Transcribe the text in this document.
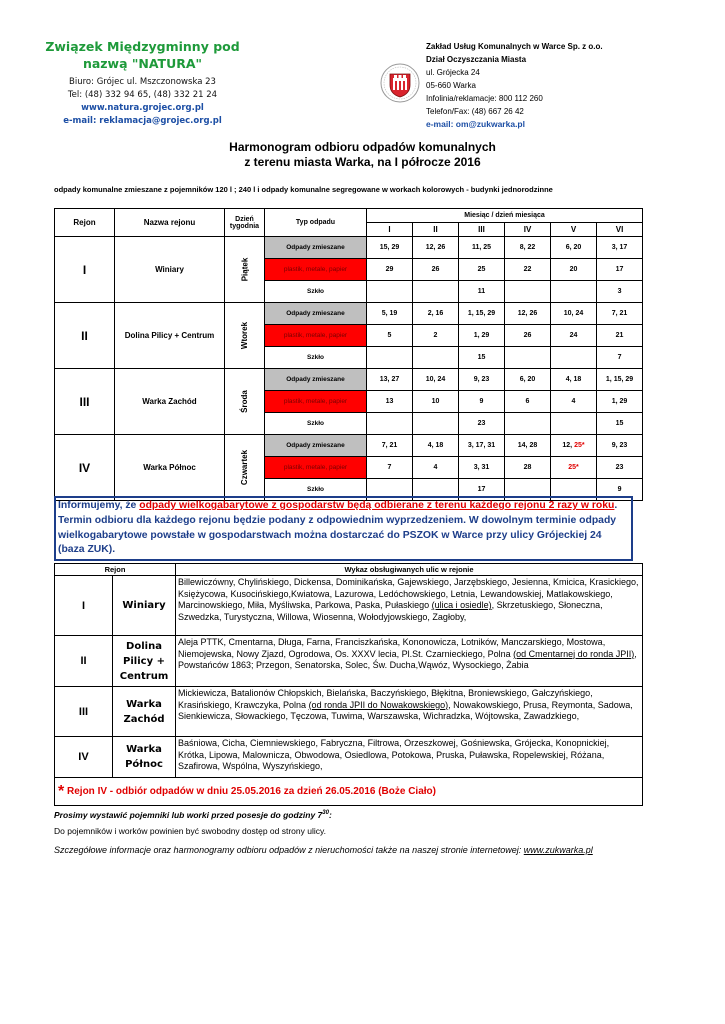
Związek Międzygminny pod
nazwą "NATURA"
Biuro: Grójec ul. Mszczonowska 23
Tel: (48) 332 94 65, (48) 332 21 24
www.natura.grojec.org.pl
e-mail: reklamacja@grojec.org.pl
Zakład Usług Komunalnych w Warce Sp. z o.o.
Dział Oczyszczania Miasta
ul. Grójecka 24
05-660 Warka
Infolinia/reklamacje: 800 112 260
Telefon/Fax: (48) 667 26 42
e-mail: om@zukwarka.pl
Harmonogram odbioru odpadów komunalnych
z terenu miasta Warka, na I półrocze 2016
odpady komunalne zmieszane z pojemników 120 l ; 240 l i odpady komunalne segregowane w workach kolorowych - budynki jednorodzinne
Rejon	Nazwa rejonu	Dzień
tygodnia	Typ odpadu	Miesiąc / dzień miesiąca					
				I	II	III	IV	V	VI
I	Winiary	Piątek	Odpady zmieszane	15, 29	12, 26	11, 25	8, 22	6, 20	3, 17
			plastik, metale, papier	29	26	25	22	20	17
			Szkło			11			3
II	Dolina Pilicy + Centrum	Wtorek	Odpady zmieszane	5, 19	2, 16	1, 15, 29	12, 26	10, 24	7, 21
			plastik, metale, papier	5	2	1, 29	26	24	21
			Szkło			15			7
III	Warka Zachód	Środa	Odpady zmieszane	13, 27	10, 24	9, 23	6, 20	4, 18	1, 15, 29
			plastik, metale, papier	13	10	9	6	4	1, 29
			Szkło			23			15
IV	Warka Północ	Czwartek	Odpady zmieszane	7, 21	4, 18	3, 17, 31	14, 28	12, 25*	9, 23
			plastik, metale, papier	7	4	3, 31	28	25*	23
			Szkło			17			9
Informujemy, że odpady wielkogabarytowe z gospodarstw będą odbierane z terenu każdego rejonu 2 razy w roku. Termin odbioru dla każdego rejonu będzie podany z odpowiednim wyprzedzeniem. W dowolnym terminie odpady wielkogabarytowe powstałe w gospodarstwach można dostarczać do PSZOK w Warce przy ulicy Grójeckiej 24 (baza ZUK).
Rejon		Wykaz obsługiwanych ulic w rejonie
I	Winiary	Billewiczówny, Chylińskiego, Dickensa, Dominikańska, Gajewskiego, Jarzębskiego, Jesienna, Kmicica, Krasickiego, Księżycowa, Kusocińskiego,Kwiatowa, Lazurowa, Ledóchowskiego, Letnia, Lewandowskiej, Matlakowskiego, Marcinowskiego, Miła, Myśliwska, Parkowa, Paska, Pułaskiego (ulica i osiedle), Skrzetuskiego, Słoneczna, Szwedzka, Turystyczna, Willowa, Wiosenna, Wołodyjowskiego, Zagłoby,
II	Dolina Pilicy + Centrum	Aleja PTTK, Cmentarna, Długa, Farna, Franciszkańska, Kononowicza, Lotników, Manczarskiego, Mostowa, Niemojewska, Nowy Zjazd, Ogrodowa, Os. XXXV lecia, Pl.St. Czarnieckiego, Polna (od Cmentarnej do ronda JPII), Powstańców 1863; Przegon, Senatorska, Solec, Św. Ducha,Wąwóz, Wysockiego, Żabia
III	Warka Zachód	Mickiewicza, Batalionów Chłopskich, Bielańska, Baczyńskiego, Błękitna, Broniewskiego, Gałczyńskiego, Krasińskiego, Krawczyka, Polna (od ronda JPII do Nowakowskiego), Nowakowskiego, Prusa, Reymonta, Sadowa, Sienkiewicza, Słowackiego, Tęczowa, Tuwima, Warszawska, Wichradzka, Wójtowska, Zawadzkiego,
IV	Warka Północ	Baśniowa, Cicha, Ciemniewskiego, Fabryczna, Filtrowa, Orzeszkowej, Gośniewska, Grójecka, Konopnickiej, Krótka, Lipowa, Malownicza, Obwodowa, Osiedlowa, Potokowa, Pruska, Puławska, Ropelewskiej, Różana, Szafirowa, Wspólna, Wyszyńskiego,
* Rejon IV - odbiór odpadów w dniu 25.05.2016 za dzień 26.05.2016 (Boże Ciało)		
Prosimy wystawić pojemniki lub worki przed posesje do godziny $7^{30}$:
Do pojemników i worków powinien być swobodny dostęp od strony ulicy.
Szczegółowe informacje oraz harmonogramy odbioru odpadów z nieruchomości także na naszej stronie internetowej: www.zukwarka.pl
